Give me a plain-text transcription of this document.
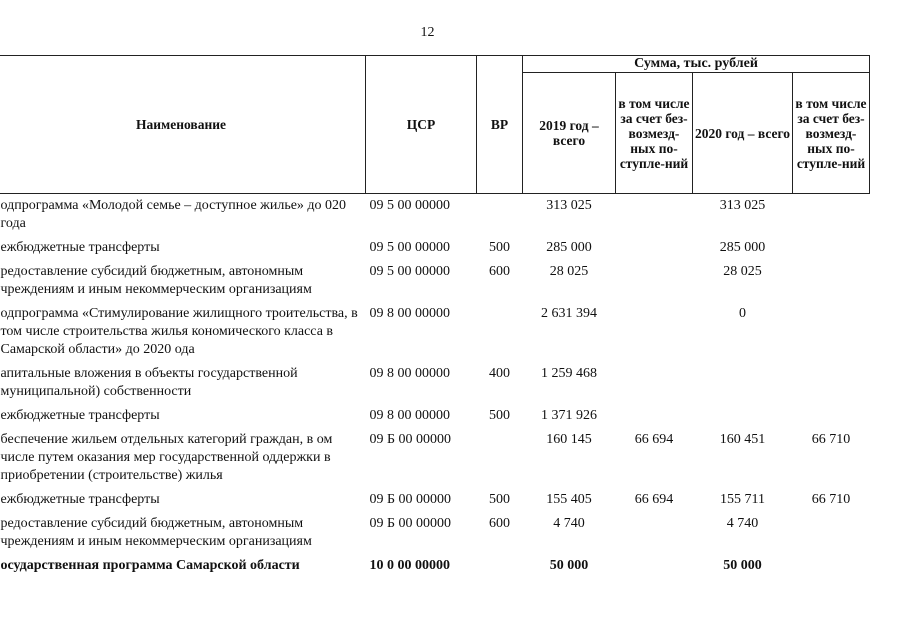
12
Наименование	ЦСР	ВР	Сумма, тыс. рублей			
			2019 год – всего	в том числе за счет без-возмезд-ных по-ступле-ний	2020 год – всего	в том числе за счет без-возмезд-ных по-ступле-ний
одпрограмма «Молодой семье – доступное жилье» до 020 года	09 5 00 00000		313 025		313 025	
ежбюджетные трансферты	09 5 00 00000	500	285 000		285 000	
редоставление субсидий бюджетным, автономным чреждениям и иным некоммерческим организациям	09 5 00 00000	600	28 025		28 025	
одпрограмма «Стимулирование жилищного троительства, в том числе строительства жилья кономического класса в Самарской области» до 2020 ода	09 8 00 00000		2 631 394		0	
апитальные вложения в объекты государственной муниципальной) собственности	09 8 00 00000	400	1 259 468			
ежбюджетные трансферты	09 8 00 00000	500	1 371 926			
беспечение жильем отдельных категорий граждан, в ом числе путем оказания мер государственной оддержки в приобретении (строительстве) жилья	09 Б 00 00000		160 145	66 694	160 451	66 710
ежбюджетные трансферты	09 Б 00 00000	500	155 405	66 694	155 711	66 710
редоставление субсидий бюджетным, автономным чреждениям и иным некоммерческим организациям	09 Б 00 00000	600	4 740		4 740	
осударственная программа Самарской области	10 0 00 00000		50 000		50 000	
